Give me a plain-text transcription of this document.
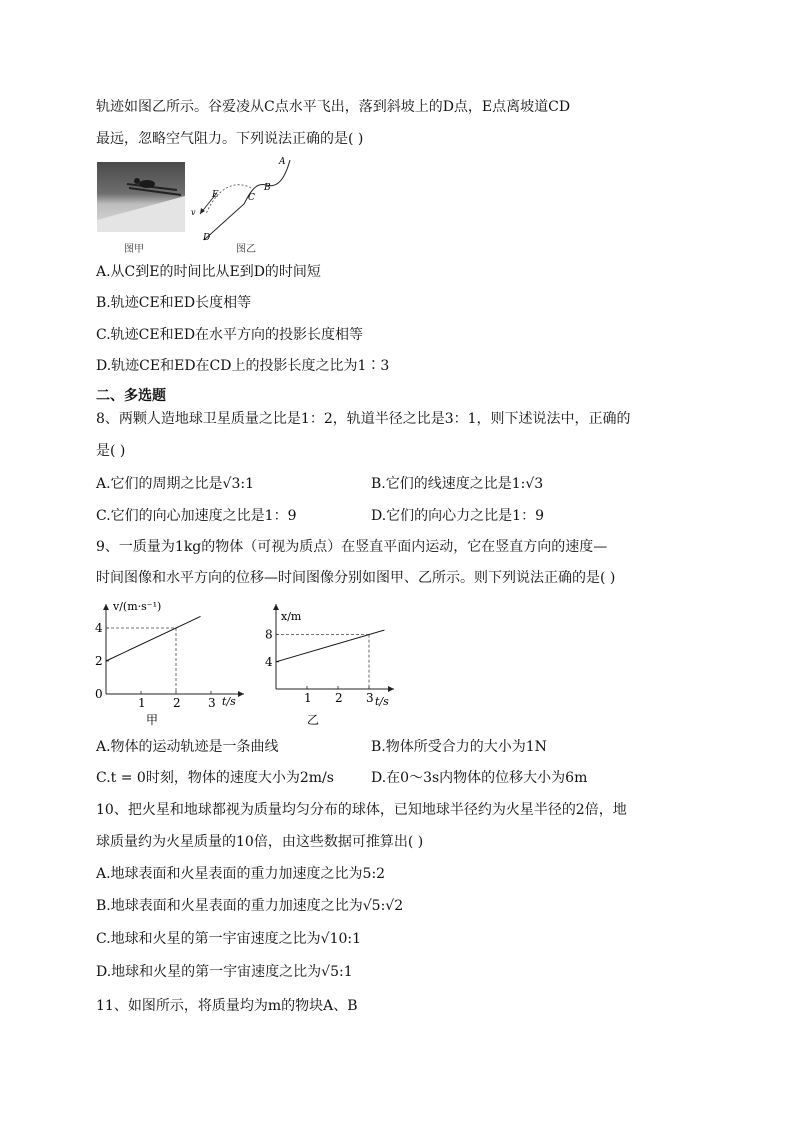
轨迹如图乙所示。谷爱凌从C点水平飞出，落到斜坡上的D点，E点离坡道CD
最远，忽略空气阻力。下列说法正确的是( )
图甲
A
B
C
E
v
D
图乙
A.从C到E的时间比从E到D的时间短
B.轨迹CE和ED长度相等
C.轨迹CE和ED在水平方向的投影长度相等
D.轨迹CE和ED在CD上的投影长度之比为1∶3
二、多选题
8、两颗人造地球卫星质量之比是1：2，轨道半径之比是3：1，则下述说法中，正确的
是( )
A.它们的周期之比是√3:1	B.它们的线速度之比是1:√3
C.它们的向心加速度之比是1：9	D.它们的向心力之比是1：9
9、一质量为1kg的物体（可视为质点）在竖直平面内运动，它在竖直方向的速度—
时间图像和水平方向的位移—时间图像分别如图甲、乙所示。则下列说法正确的是( )
1 2 3
0
2
4
v/(m·s⁻¹)
t/s
甲
1 2 3
4
8
x/m
t/s
乙
A.物体的运动轨迹是一条曲线	B.物体所受合力的大小为1N
C.t = 0时刻，物体的速度大小为2m/s	D.在0～3s内物体的位移大小为6m
10、把火星和地球都视为质量均匀分布的球体，已知地球半径约为火星半径的2倍，地
球质量约为火星质量的10倍，由这些数据可推算出( )
A.地球表面和火星表面的重力加速度之比为5:2
B.地球表面和火星表面的重力加速度之比为√5:√2
C.地球和火星的第一宇宙速度之比为√10:1
D.地球和火星的第一宇宙速度之比为√5:1
11、如图所示，将质量均为m的物块A、B
